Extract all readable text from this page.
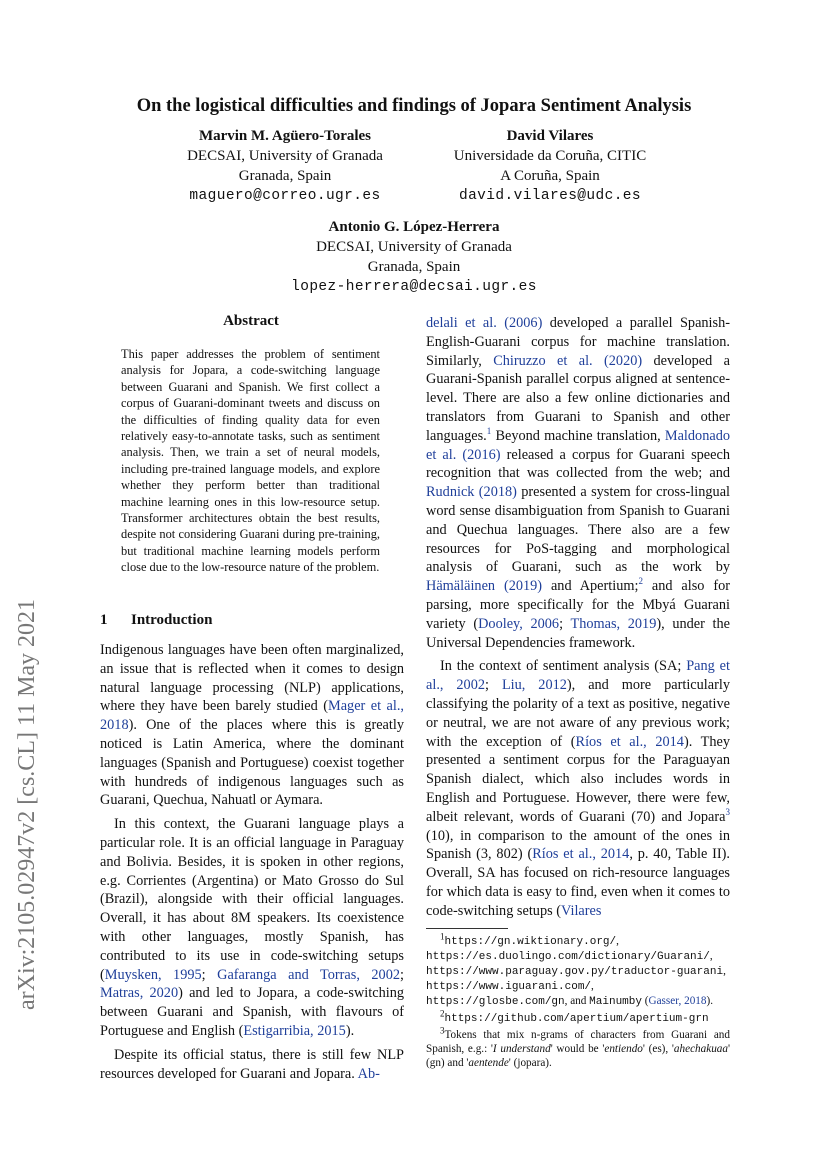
arXiv:2105.02947v2 [cs.CL] 11 May 2021
On the logistical difficulties and findings of Jopara Sentiment Analysis
Marvin M. Agüero-Torales
DECSAI, University of Granada
Granada, Spain
maguero@correo.ugr.es
David Vilares
Universidade da Coruña, CITIC
A Coruña, Spain
david.vilares@udc.es
Antonio G. López-Herrera
DECSAI, University of Granada
Granada, Spain
lopez-herrera@decsai.ugr.es
Abstract
This paper addresses the problem of sentiment analysis for Jopara, a code-switching language between Guarani and Spanish. We first collect a corpus of Guarani-dominant tweets and discuss on the difficulties of finding quality data for even relatively easy-to-annotate tasks, such as sentiment analysis. Then, we train a set of neural models, including pre-trained language models, and explore whether they perform better than traditional machine learning ones in this low-resource setup. Transformer architectures obtain the best results, despite not considering Guarani during pre-training, but traditional machine learning models perform close due to the low-resource nature of the problem.
1 Introduction

Indigenous languages have been often marginalized, an issue that is reflected when it comes to design natural language processing (NLP) applications, where they have been barely studied (Mager et al., 2018). One of the places where this is greatly noticed is Latin America, where the dominant languages (Spanish and Portuguese) coexist together with hundreds of indigenous languages such as Guarani, Quechua, Nahuatl or Aymara.

In this context, the Guarani language plays a particular role. It is an official language in Paraguay and Bolivia. Besides, it is spoken in other regions, e.g. Corrientes (Argentina) or Mato Grosso do Sul (Brazil), alongside with their official languages. Overall, it has about 8M speakers. Its coexistence with other languages, mostly Spanish, has contributed to its use in code-switching setups (Muysken, 1995; Gafaranga and Torras, 2002; Matras, 2020) and led to Jopara, a code-switching between Guarani and Spanish, with flavours of Portuguese and English (Estigarribia, 2015).

Despite its official status, there is still few NLP resources developed for Guarani and Jopara. Ab-

delali et al. (2006) developed a parallel Spanish-English-Guarani corpus for machine translation. Similarly, Chiruzzo et al. (2020) developed a Guarani-Spanish parallel corpus aligned at sentence-level. There are also a few online dictionaries and translators from Guarani to Spanish and other languages.$^1$ Beyond machine translation, Maldonado et al. (2016) released a corpus for Guarani speech recognition that was collected from the web; and Rudnick (2018) presented a system for cross-lingual word sense disambiguation from Spanish to Guarani and Quechua languages. There also are a few resources for PoS-tagging and morphological analysis of Guarani, such as the work by Hämäläinen (2019) and Apertium;$^2$ and also for parsing, more specifically for the Mbyá Guarani variety (Dooley, 2006; Thomas, 2019), under the Universal Dependencies framework.

In the context of sentiment analysis (SA; Pang et al., 2002; Liu, 2012), and more particularly classifying the polarity of a text as positive, negative or neutral, we are not aware of any previous work; with the exception of (Ríos et al., 2014). They presented a sentiment corpus for the Paraguayan Spanish dialect, which also includes words in English and Portuguese. However, there were few, albeit relevant, words of Guarani (70) and Jopara$^3$ (10), in comparison to the amount of the ones in Spanish (3, 802) (Ríos et al., 2014, p. 40, Table II). Overall, SA has focused on rich-resource languages for which data is easy to find, even when it comes to code-switching setups (Vilares

$^1$https://gn.wiktionary.org/, https://es.duolingo.com/dictionary/Guarani/, https://www.paraguay.gov.py/traductor-guarani, https://www.iguarani.com/, https://glosbe.com/gn, and Mainumby (Gasser, 2018).
$^2$https://github.com/apertium/apertium-grn
$^3$Tokens that mix n-grams of characters from Guarani and Spanish, e.g.: 'I understand' would be 'entiendo' (es), 'ahechakuaa' (gn) and 'aentende' (jopara).
